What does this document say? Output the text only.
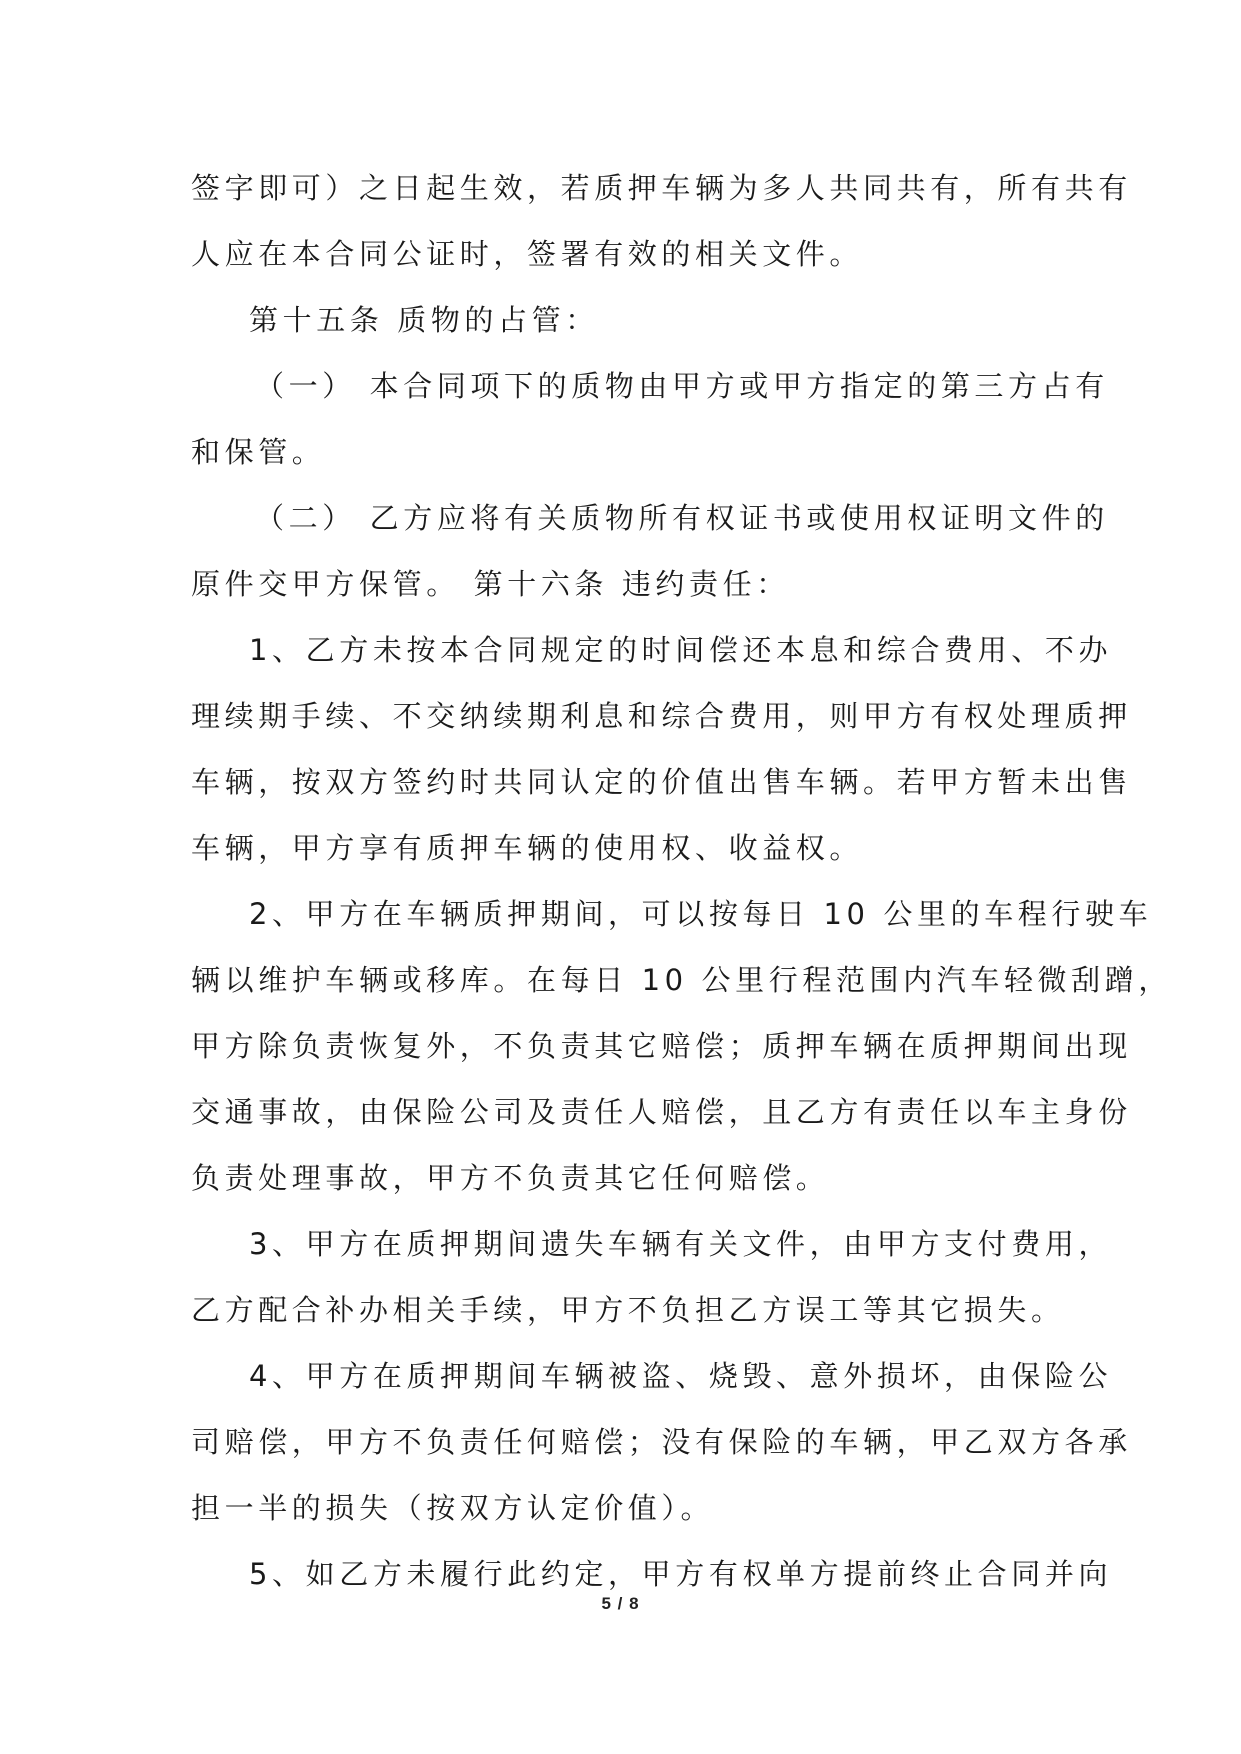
签字即可）之日起生效，若质押车辆为多人共同共有，所有共有
人应在本合同公证时，签署有效的相关文件。
第十五条 质物的占管：
（一） 本合同项下的质物由甲方或甲方指定的第三方占有
和保管。
（二） 乙方应将有关质物所有权证书或使用权证明文件的
原件交甲方保管。 第十六条 违约责任：
1、乙方未按本合同规定的时间偿还本息和综合费用、不办
理续期手续、不交纳续期利息和综合费用，则甲方有权处理质押
车辆，按双方签约时共同认定的价值出售车辆。若甲方暂未出售
车辆，甲方享有质押车辆的使用权、收益权。
2、甲方在车辆质押期间，可以按每日 10 公里的车程行驶车
辆以维护车辆或移库。在每日 10 公里行程范围内汽车轻微刮蹭，
甲方除负责恢复外，不负责其它赔偿；质押车辆在质押期间出现
交通事故，由保险公司及责任人赔偿，且乙方有责任以车主身份
负责处理事故，甲方不负责其它任何赔偿。
3、甲方在质押期间遗失车辆有关文件，由甲方支付费用，
乙方配合补办相关手续，甲方不负担乙方误工等其它损失。
4、甲方在质押期间车辆被盗、烧毁、意外损坏，由保险公
司赔偿，甲方不负责任何赔偿；没有保险的车辆，甲乙双方各承
担一半的损失（按双方认定价值）。
5、如乙方未履行此约定，甲方有权单方提前终止合同并向
5 / 8
